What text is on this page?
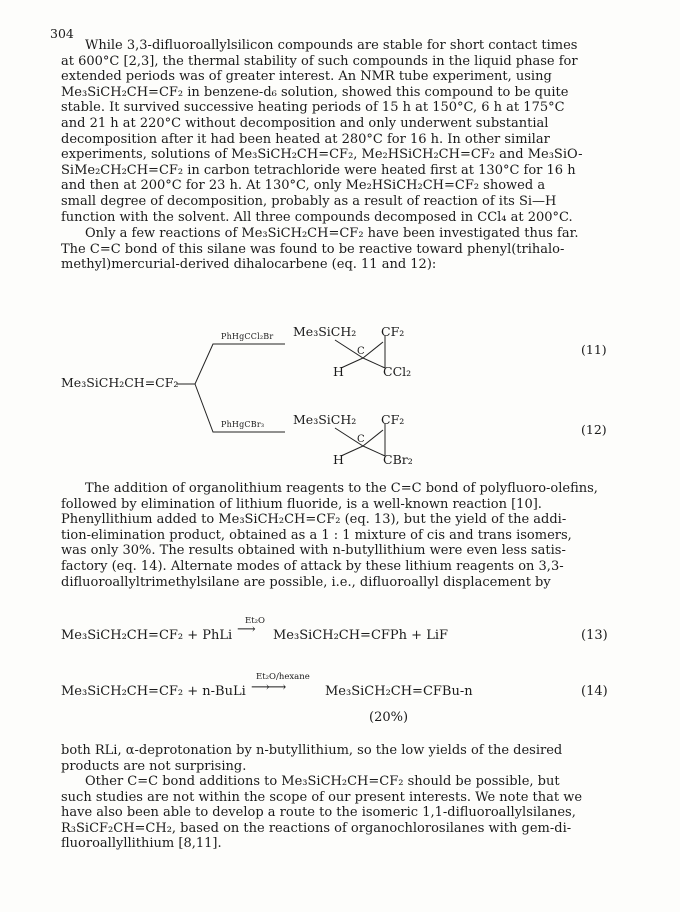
304
While 3,3-difluoroallylsilicon compounds are stable for short contact times
at 600°C [2,3], the thermal stability of such compounds in the liquid phase for
extended periods was of greater interest. An NMR tube experiment, using
Me₃SiCH₂CH=CF₂ in benzene-d₆ solution, showed this compound to be quite
stable. It survived successive heating periods of 15 h at 150°C, 6 h at 175°C
and 21 h at 220°C without decomposition and only underwent substantial
decomposition after it had been heated at 280°C for 16 h. In other similar
experiments, solutions of Me₃SiCH₂CH=CF₂, Me₂HSiCH₂CH=CF₂ and Me₃SiO-
SiMe₂CH₂CH=CF₂ in carbon tetrachloride were heated first at 130°C for 16 h
and then at 200°C for 23 h. At 130°C, only Me₂HSiCH₂CH=CF₂ showed a
small degree of decomposition, probably as a result of reaction of its Si—H
function with the solvent. All three compounds decomposed in CCl₄ at 200°C.
Only a few reactions of Me₃SiCH₂CH=CF₂ have been investigated thus far.
The C=C bond of this silane was found to be reactive toward phenyl(trihalo-
methyl)mercurial-derived dihalocarbene (eq. 11 and 12):
Me₃SiCH₂CH=CF₂
PhHgCCl₂Br
PhHgCBr₃
Me₃SiCH₂ CF₂
C
H	CCl₂
(11)
Me₃SiCH₂ CF₂
C
H	CBr₂
(12)
The addition of organolithium reagents to the C=C bond of polyfluoro-olefins,
followed by elimination of lithium fluoride, is a well-known reaction [10].
Phenyllithium added to Me₃SiCH₂CH=CF₂ (eq. 13), but the yield of the addi-
tion-elimination product, obtained as a 1 : 1 mixture of cis and trans isomers,
was only 30%. The results obtained with n-butyllithium were even less satis-
factory (eq. 14). Alternate modes of attack by these lithium reagents on 3,3-
difluoroallyltrimethylsilane are possible, i.e., difluoroallyl displacement by
Me₃SiCH₂CH=CF₂ + PhLi
Et₂O
⟶ Me₃SiCH₂CH=CFPh + LiF	(13)
Me₃SiCH₂CH=CF₂ + n-BuLi
Et₂O/hexane
⟶⟶	Me₃SiCH₂CH=CFBu-n	(14)
(20%)
both RLi, α-deprotonation by n-butyllithium, so the low yields of the desired
products are not surprising.
Other C=C bond additions to Me₃SiCH₂CH=CF₂ should be possible, but
such studies are not within the scope of our present interests. We note that we
have also been able to develop a route to the isomeric 1,1-difluoroallylsilanes,
R₃SiCF₂CH=CH₂, based on the reactions of organochlorosilanes with gem-di-
fluoroallyllithium [8,11].
